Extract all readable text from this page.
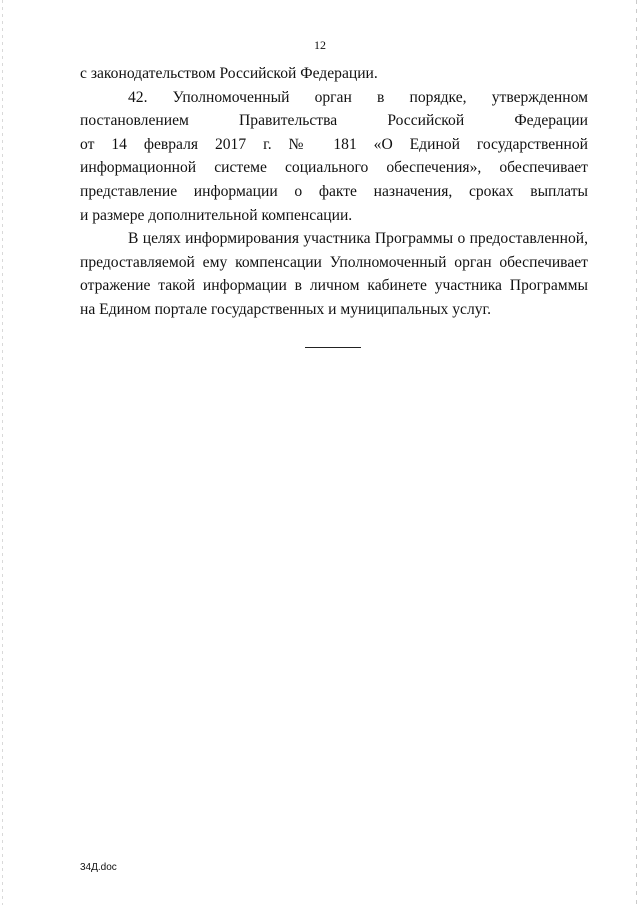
12

с законодательством Российской Федерации.

42. Уполномоченный орган в порядке, утвержденном
постановлением Правительства Российской Федерации
от 14 февраля 2017 г. № 181 «О Единой государственной
информационной системе социального обеспечения», обеспечивает
представление информации о факте назначения, сроках выплаты
и размере дополнительной компенсации.

В целях информирования участника Программы о предоставленной,
предоставляемой ему компенсации Уполномоченный орган обеспечивает
отражение такой информации в личном кабинете участника Программы
на Едином портале государственных и муниципальных услуг.

34Д.doc
